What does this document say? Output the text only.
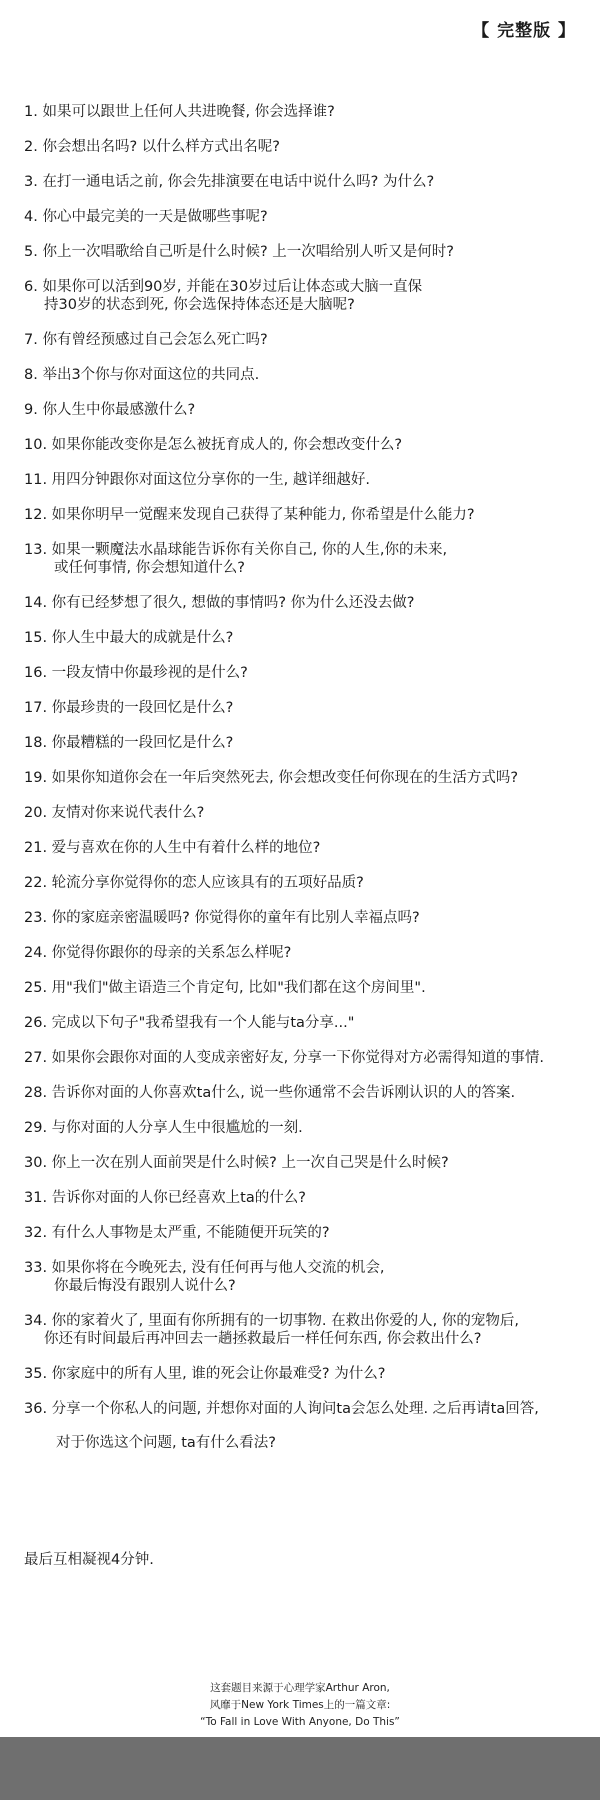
【 完整版 】
1. 如果可以跟世上任何人共进晚餐, 你会选择谁?
2. 你会想出名吗? 以什么样方式出名呢?
3. 在打一通电话之前, 你会先排演要在电话中说什么吗? 为什么?
4. 你心中最完美的一天是做哪些事呢?
5. 你上一次唱歌给自己听是什么时候? 上一次唱给别人听又是何时?
6. 如果你可以活到90岁, 并能在30岁过后让体态或大脑一直保
持30岁的状态到死, 你会选保持体态还是大脑呢?
7. 你有曾经预感过自己会怎么死亡吗?
8. 举出3个你与你对面这位的共同点.
9. 你人生中你最感激什么?
10. 如果你能改变你是怎么被抚育成人的, 你会想改变什么?
11. 用四分钟跟你对面这位分享你的一生, 越详细越好.
12. 如果你明早一觉醒来发现自己获得了某种能力, 你希望是什么能力?
13. 如果一颗魔法水晶球能告诉你有关你自己, 你的人生,你的未来,
或任何事情, 你会想知道什么?
14. 你有已经梦想了很久, 想做的事情吗? 你为什么还没去做?
15. 你人生中最大的成就是什么?
16. 一段友情中你最珍视的是什么?
17. 你最珍贵的一段回忆是什么?
18. 你最糟糕的一段回忆是什么?
19. 如果你知道你会在一年后突然死去, 你会想改变任何你现在的生活方式吗?
20. 友情对你来说代表什么?
21. 爱与喜欢在你的人生中有着什么样的地位?
22. 轮流分享你觉得你的恋人应该具有的五项好品质?
23. 你的家庭亲密温暖吗? 你觉得你的童年有比别人幸福点吗?
24. 你觉得你跟你的母亲的关系怎么样呢?
25. 用"我们"做主语造三个肯定句, 比如"我们都在这个房间里".
26. 完成以下句子"我希望我有一个人能与ta分享..."
27. 如果你会跟你对面的人变成亲密好友, 分享一下你觉得对方必需得知道的事情.
28. 告诉你对面的人你喜欢ta什么, 说一些你通常不会告诉刚认识的人的答案.
29. 与你对面的人分享人生中很尴尬的一刻.
30. 你上一次在别人面前哭是什么时候? 上一次自己哭是什么时候?
31. 告诉你对面的人你已经喜欢上ta的什么?
32. 有什么人事物是太严重, 不能随便开玩笑的?
33. 如果你将在今晚死去, 没有任何再与他人交流的机会,
你最后悔没有跟别人说什么?
34. 你的家着火了, 里面有你所拥有的一切事物. 在救出你爱的人, 你的宠物后,
你还有时间最后再冲回去一趟拯救最后一样任何东西, 你会救出什么?
35. 你家庭中的所有人里, 谁的死会让你最难受? 为什么?
36. 分享一个你私人的问题, 并想你对面的人询问ta会怎么处理. 之后再请ta回答,
对于你选这个问题, ta有什么看法?
最后互相凝视4分钟.
这套题目来源于心理学家Arthur Aron,
风靡于New York Times上的一篇文章:
“To Fall in Love With Anyone, Do This”
